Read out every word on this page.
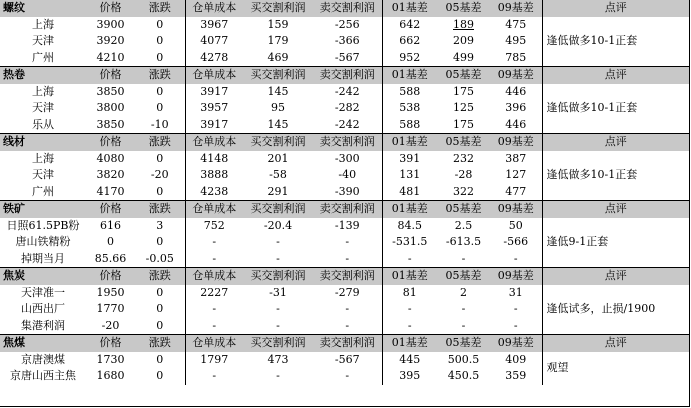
螺纹	价格	涨跌	仓单成本	买交割利润	卖交割利润	01基差	05基差	09基差	点评
上海	3900	0	3967	159	-256	642	189	475	逢低做多10-1正套
天津	3920	0	4077	179	-366	662	209	495	
广州	4210	0	4278	469	-567	952	499	785	
热卷	价格	涨跌	仓单成本	买交割利润	卖交割利润	01基差	05基差	09基差	点评
上海	3850	0	3917	145	-242	588	175	446	逢低做多10-1正套
天津	3800	0	3957	95	-282	538	125	396	
乐从	3850	-10	3917	145	-242	588	175	446	
线材	价格	涨跌	仓单成本	买交割利润	卖交割利润	01基差	05基差	09基差	点评
上海	4080	0	4148	201	-300	391	232	387	逢低做多10-1正套
天津	3820	-20	3888	-58	-40	131	-28	127	
广州	4170	0	4238	291	-390	481	322	477	
铁矿	价格	涨跌	仓单成本	买交割利润	卖交割利润	01基差	05基差	09基差	点评
日照61.5PB粉	616	3	752	-20.4	-139	84.5	2.5	50	逢低9-1正套
唐山铁精粉	0	0	-	-	-	-531.5	-613.5	-566	
掉期当月	85.66	-0.05	-	-	-	-	-	-	
焦炭	价格	涨跌	仓单成本	买交割利润	卖交割利润	01基差	05基差	09基差	点评
天津准一	1950	0	2227	-31	-279	81	2	31	逢低试多，止损/1900
山西出厂	1770	0	-	-	-	-	-	-	
集港利润	-20	0	-	-	-	-	-	-	
焦煤	价格	涨跌	仓单成本	买交割利润	卖交割利润	01基差	05基差	09基差	点评
京唐澳煤	1730	0	1797	473	-567	445	500.5	409	观望
京唐山西主焦	1680	0	-	-	-	395	450.5	359	
